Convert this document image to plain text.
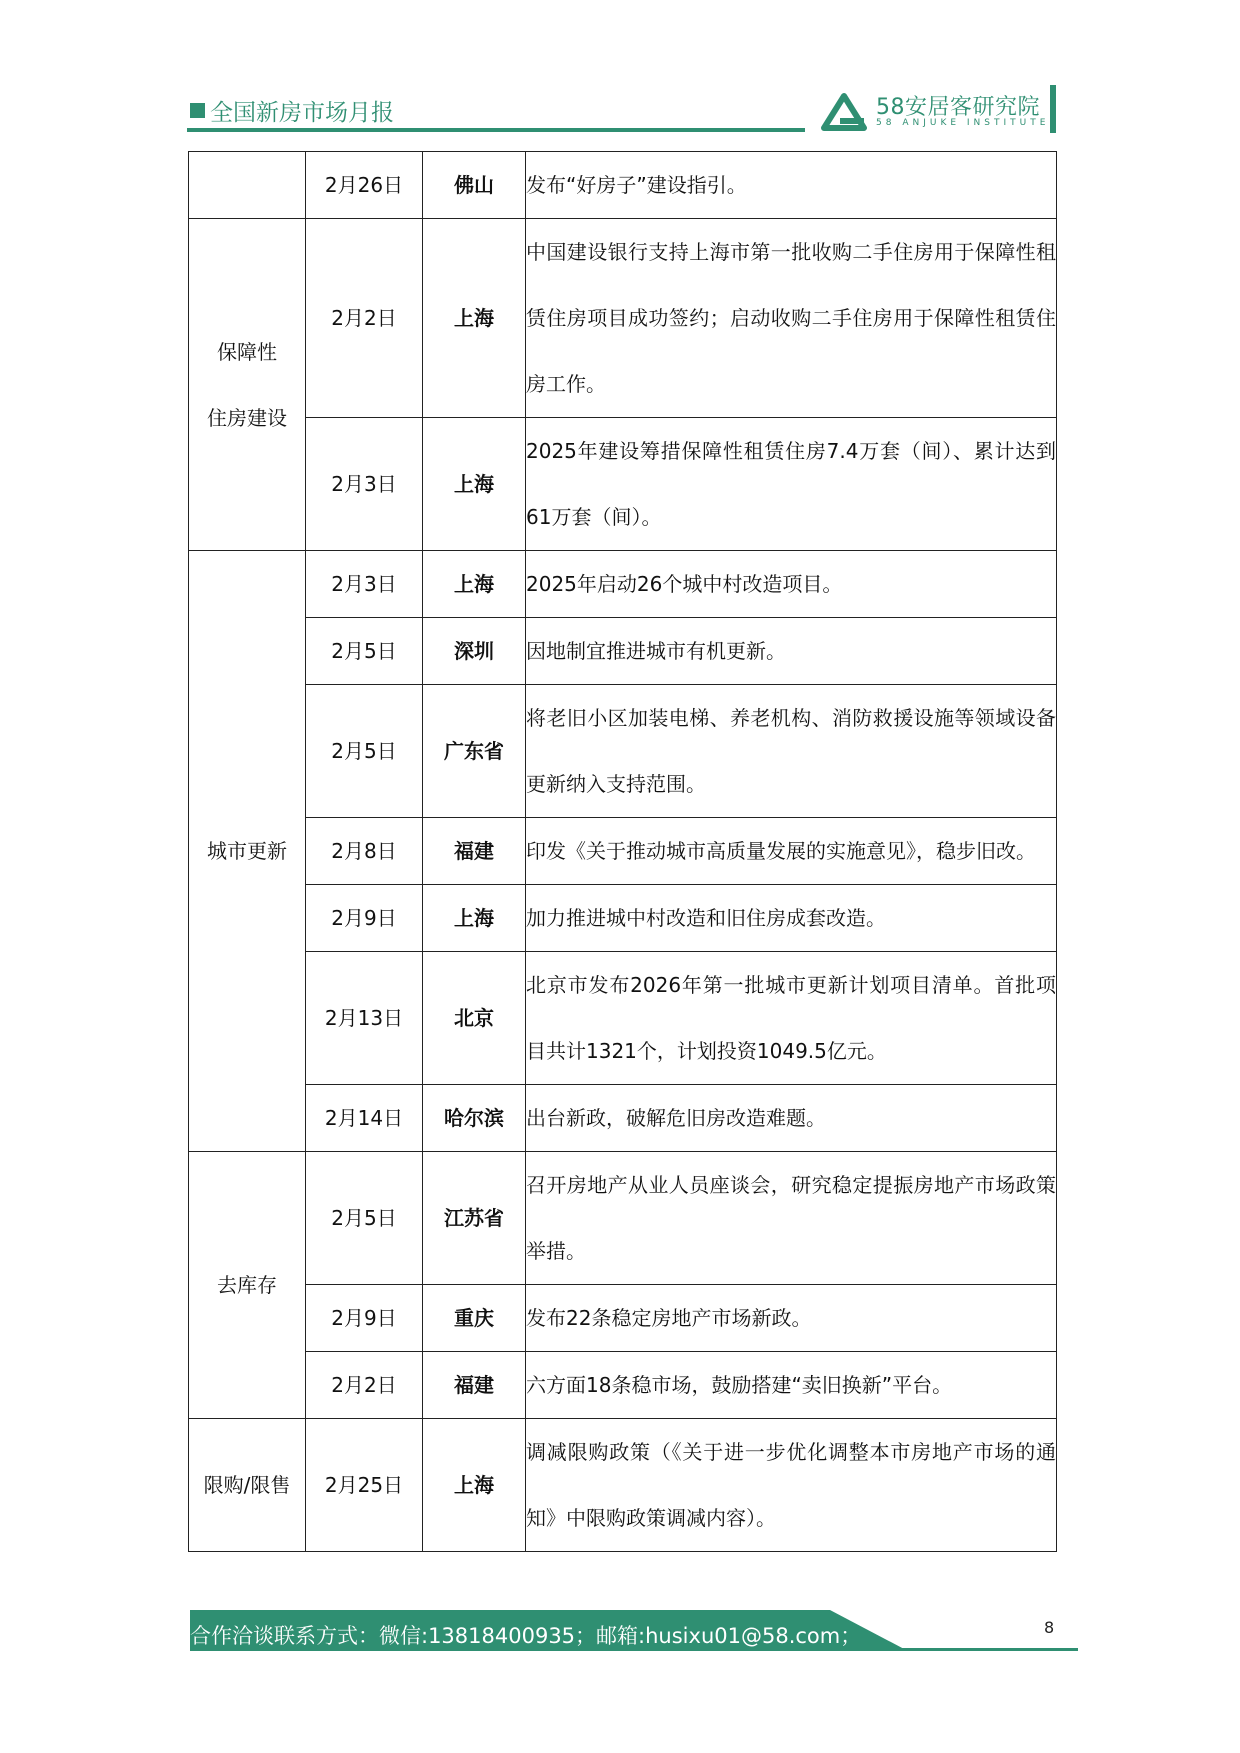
全国新房市场月报	58安居客研究院
58 ANJUKE INSTITUTE
	2月26日	佛山	发布“好房子”建设指引。

保障性
住房建设	2月2日	上海	中国建设银行支持上海市第一批收购二手住房用于保障性租赁住房项目成功签约；启动收购二手住房用于保障性租赁住房工作。
	2月3日	上海	2025年建设筹措保障性租赁住房7.4万套（间）、累计达到61万套（间）。
城市更新	2月3日	上海	2025年启动26个城中村改造项目。
	2月5日	深圳	因地制宜推进城市有机更新。
	2月5日	广东省	将老旧小区加装电梯、养老机构、消防救援设施等领域设备更新纳入支持范围。
	2月8日	福建	印发《关于推动城市高质量发展的实施意见》，稳步旧改。
	2月9日	上海	加力推进城中村改造和旧住房成套改造。
	2月13日	北京	北京市发布2026年第一批城市更新计划项目清单。首批项目共计1321个，计划投资1049.5亿元。
	2月14日	哈尔滨	出台新政，破解危旧房改造难题。
去库存	2月5日	江苏省	召开房地产从业人员座谈会，研究稳定提振房地产市场政策举措。
	2月9日	重庆	发布22条稳定房地产市场新政。
	2月2日	福建	六方面18条稳市场，鼓励搭建“卖旧换新”平台。
限购/限售	2月25日	上海	调减限购政策（《关于进一步优化调整本市房地产市场的通知》中限购政策调减内容）。
合作洽谈联系方式：微信:13818400935；邮箱:husixu01@58.com；	8
